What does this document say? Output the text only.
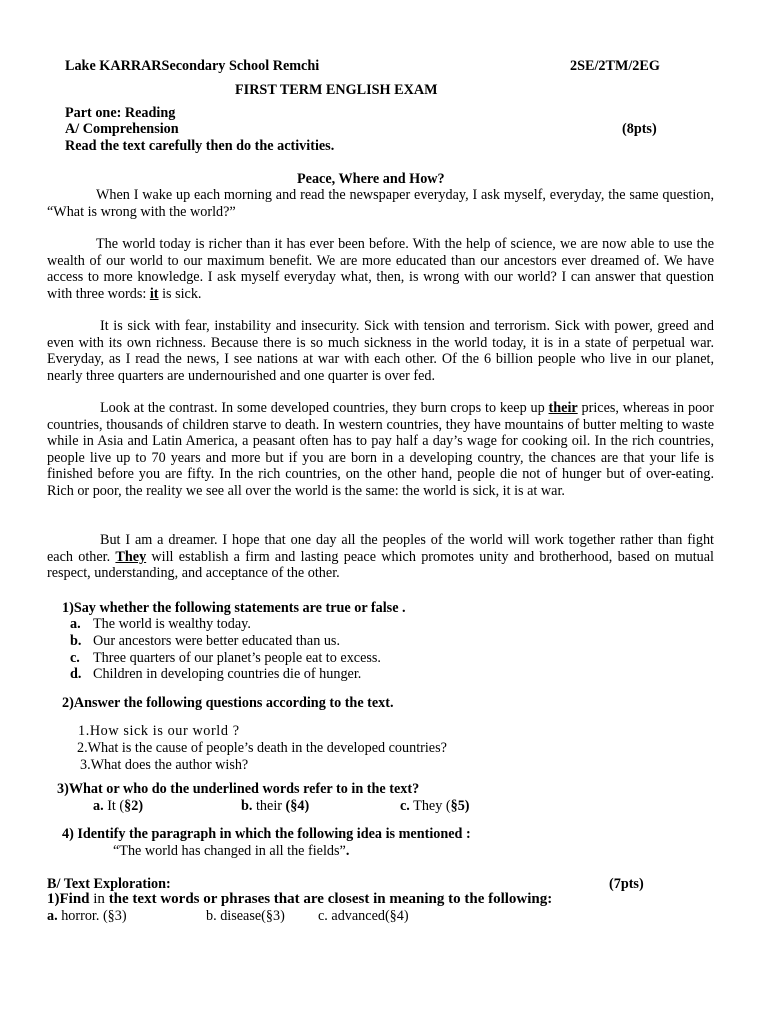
Lake KARRARSecondary School Remchi	2SE/2TM/2EG
FIRST TERM ENGLISH EXAM
Part one: Reading
A/ Comprehension	(8pts)
Read the text carefully then do the activities.
Peace, Where and How?
When I wake up each morning and read the newspaper everyday, I ask myself, everyday, the same question, “What is wrong with the world?”
The world today is richer than it has ever been before. With the help of science, we are now able to use the wealth of our world to our maximum benefit. We are more educated than our ancestors ever dreamed of. We have access to more knowledge. I ask myself everyday what, then, is wrong with our world? I can answer that question with three words: it is sick.
It is sick with fear, instability and insecurity. Sick with tension and terrorism. Sick with power, greed and even with its own richness. Because there is so much sickness in the world today, it is in a state of perpetual war. Everyday, as I read the news, I see nations at war with each other. Of the 6 billion people who live in our planet, nearly three quarters are undernourished and one quarter is over fed.
Look at the contrast. In some developed countries, they burn crops to keep up their prices, whereas in poor countries, thousands of children starve to death. In western countries, they have mountains of butter melting to waste while in Asia and Latin America, a peasant often has to pay half a day’s wage for cooking oil. In the rich countries, people live up to 70 years and more but if you are born in a developing country, the chances are that your life is finished before you are fifty. In the rich countries, on the other hand, people die not of hunger but of over-eating. Rich or poor, the reality we see all over the world is the same: the world is sick, it is at war.
But I am a dreamer. I hope that one day all the peoples of the world will work together rather than fight each other. They will establish a firm and lasting peace which promotes unity and brotherhood, based on mutual respect, understanding, and acceptance of the other.
1)Say whether the following statements are true or false .
a. The world is wealthy today.
b. Our ancestors were better educated than us.
c. Three quarters of our planet’s people eat to excess.
d. Children in developing countries die of hunger.
2)Answer the following questions according to the text.
1.How sick is our world ?
2.What is the cause of people’s death in the developed countries?
3.What does the author wish?
3)What or who do the underlined words refer to in the text?
a. It (§2)	b. their (§4)	c. They (§5)
4) Identify the paragraph in which the following idea is mentioned :
“The world has changed in all the fields”.
B/ Text Exploration:	(7pts)
1)Find in the text words or phrases that are closest in meaning to the following:
a. horror. (§3)	b. disease(§3) c. advanced(§4)
